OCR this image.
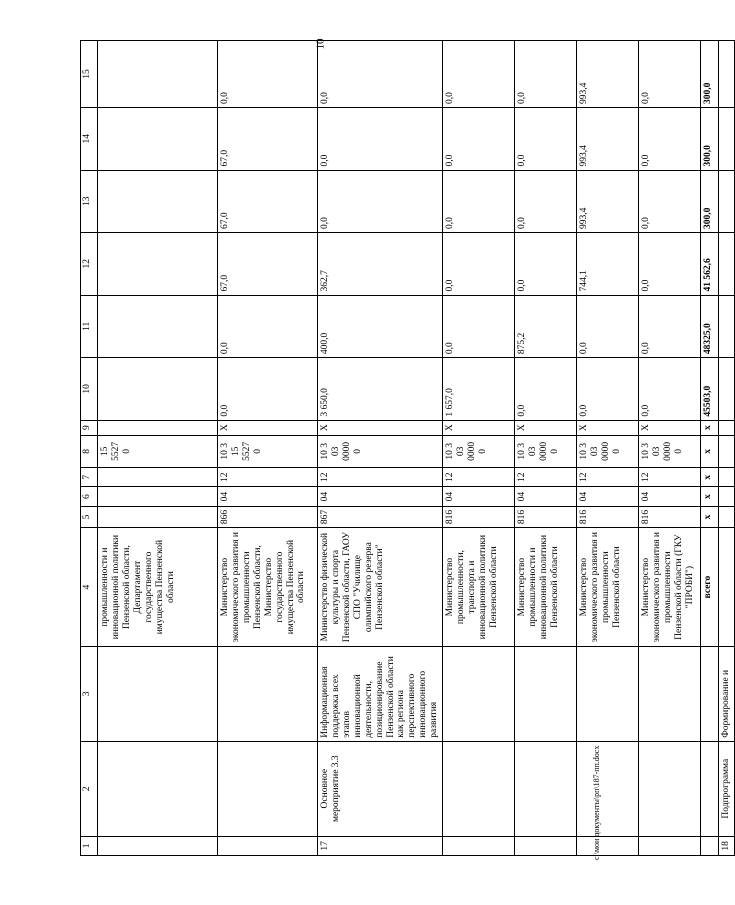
10
1	2	3	4	5	6	7	8	9	10	11	12	13	14	15
			промышленности и инновационной политики Пензенской области, Департамент государственного имущества Пензенской области				15 5527 0							
			Министерство экономического развития и промышленности Пензенской области, Министерство государственного имущества Пензенской области	866	04	12	10 3 15 5527 0	X	0,0	0,0	67,0	67,0	67,0	0,0
17	Основное мероприятие 3.3	Информационная поддержка всех этапов инновационной деятельности, позиционирование Пензенской области как региона перспективного инновационного развития	Министерство физической культуры и спорта Пензенской области, ГАОУ СПО "Училище олимпийского резерва Пензенской области"	867	04	12	10 3 03 0000 0	X	3 650,0	400,0	362,7	0,0	0,0	0,0
			Министерство промышленности, транспорта и инновационной политики Пензенской области	816	04	12	10 3 03 0000 0	X	1 657,0	0,0	0,0	0,0	0,0	0,0
			Министерство промышленности и инновационной политики Пензенской области	816	04	12	10 3 03 0000 0	X	0,0	875,2	0,0	0,0	0,0	0,0
			Министерство экономического развития и промышленности Пензенской области	816	04	12	10 3 03 0000 0	X	0,0	0,0	744,1	993,4	993,4	993,4
			Министерство экономического развития и промышленности Пензенской области (ГКУ "ПРОБИ")	816	04	12	10 3 03 0000 0	X	0,0	0,0	0,0	0,0	0,0	0,0
			всего	x	x	x	x	x	45503,0	48325,0	41 562,6	300,0	300,0	300,0
18	Подпрограмма	Формирование и												
c:\мои документы\рп\187-пп.docx
